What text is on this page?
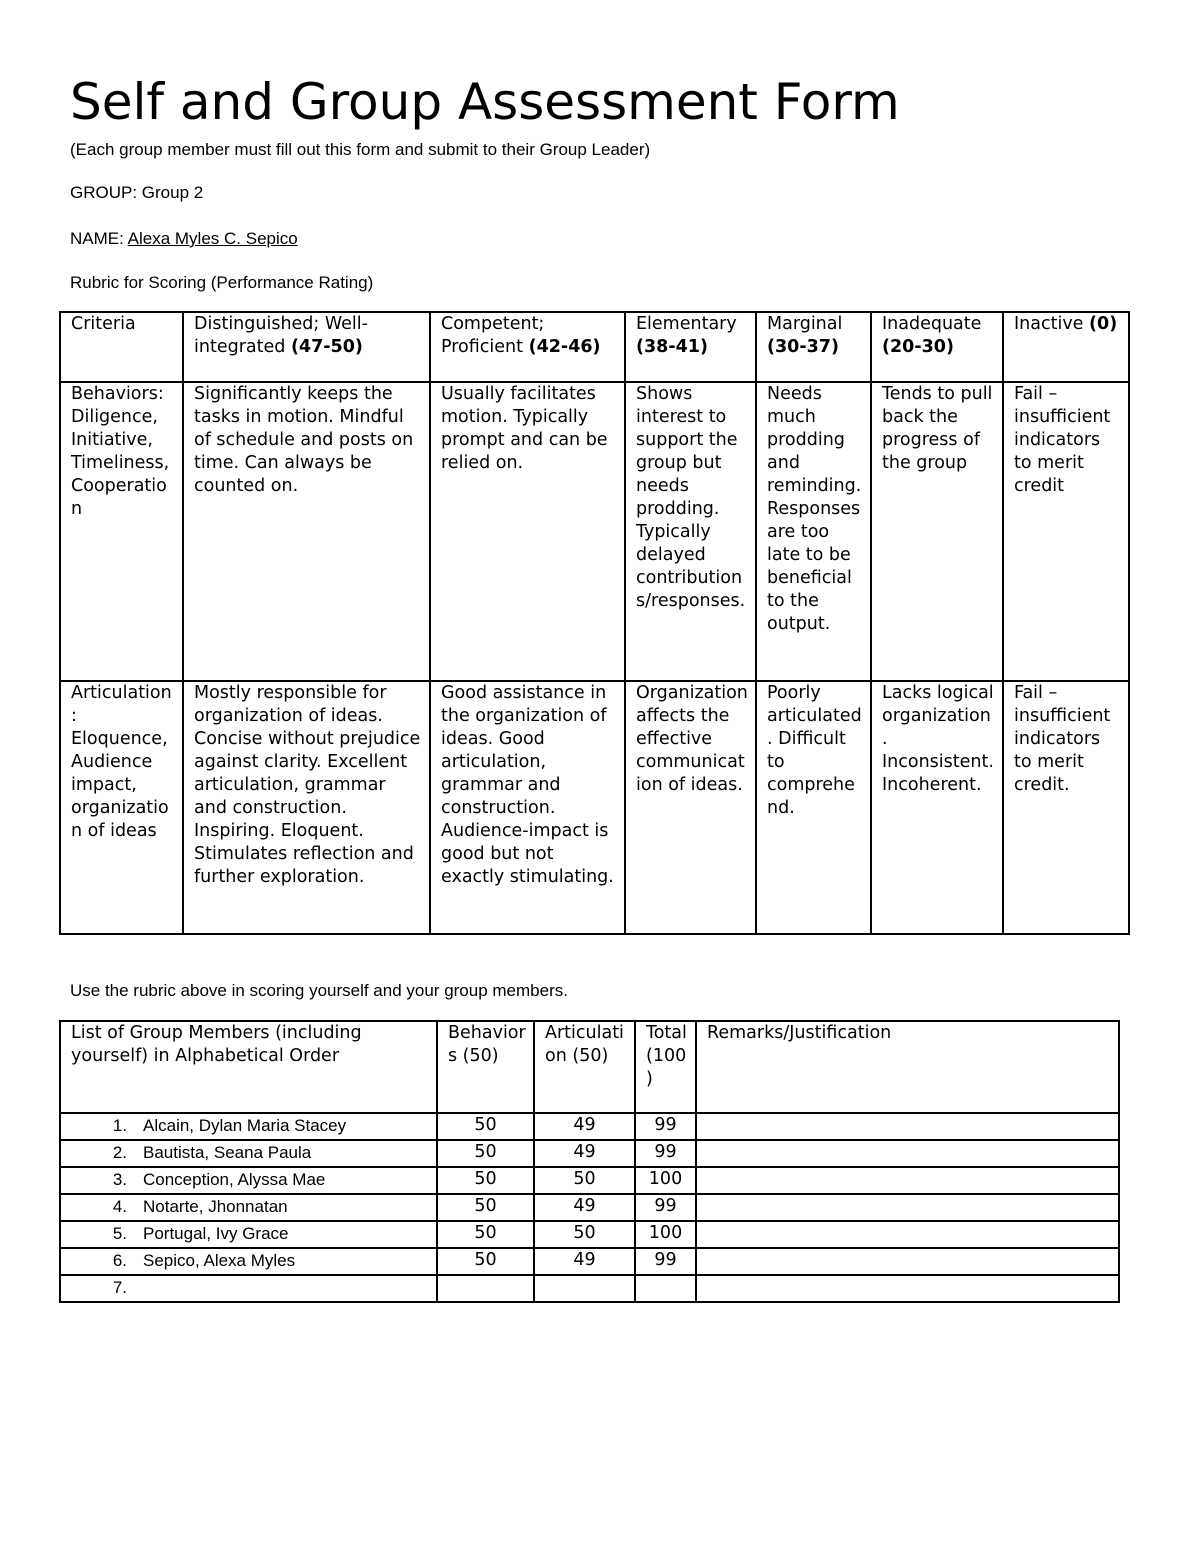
Self and Group Assessment Form
(Each group member must fill out this form and submit to their Group Leader)
GROUP: Group 2
NAME: Alexa Myles C. Sepico
Rubric for Scoring (Performance Rating)
Criteria	Distinguished; Well-integrated (47-50)	Competent; Proficient (42-46)	Elementary (38-41)	Marginal (30-37)	Inadequate (20-30)	Inactive (0)
Behaviors: Diligence, Initiative, Timeliness, Cooperation	Significantly keeps the tasks in motion. Mindful of schedule and posts on time. Can always be counted on.	Usually facilitates motion. Typically prompt and can be relied on.	Shows interest to support the group but needs prodding. Typically delayed contributions/responses.	Needs much prodding and reminding. Responses are too late to be beneficial to the output.	Tends to pull back the progress of the group	Fail – insufficient indicators to merit credit
Articulation: Eloquence, Audience impact, organization of ideas	Mostly responsible for organization of ideas. Concise without prejudice against clarity. Excellent articulation, grammar and construction. Inspiring. Eloquent. Stimulates reflection and further exploration.	Good assistance in the organization of ideas. Good articulation, grammar and construction. Audience-impact is good but not exactly stimulating.	Organization affects the effective communication of ideas.	Poorly articulated. Difficult to comprehend.	Lacks logical organization. Inconsistent. Incoherent.	Fail – insufficient indicators to merit credit.
Use the rubric above in scoring yourself and your group members.
List of Group Members (including yourself) in Alphabetical Order	Behaviors (50)	Articulation (50)	Total (100)	Remarks/Justification
1. Alcain, Dylan Maria Stacey	50	49	99	
2. Bautista, Seana Paula	50	49	99	
3. Conception, Alyssa Mae	50	50	100	
4. Notarte, Jhonnatan	50	49	99	
5. Portugal, Ivy Grace	50	50	100	
6. Sepico, Alexa Myles	50	49	99	
7.				
